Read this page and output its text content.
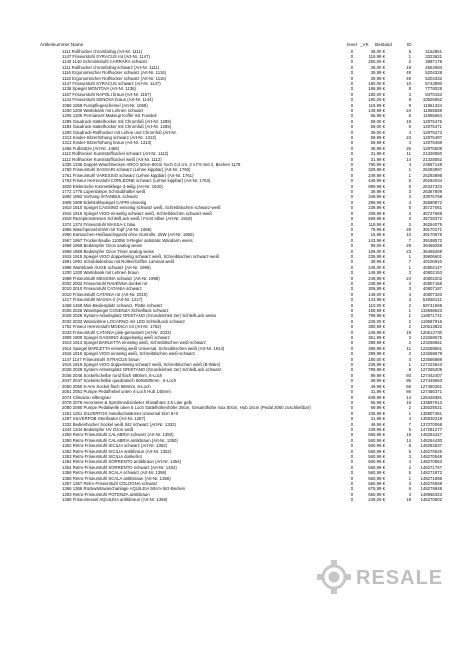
Artikelnummer Name	level _VK	Bestand	ID
1111 Rollhocker chromfarbig (Art-Nr. 1111)	0	39,00 €	5	3152861
1147 Friseurstuhl SYRACUS rot (Art-Nr. 1147)	0	119,99 €	1	3323621
1140 1140 Schminkstuhl CARRARA schwarz	0	250,00 €	2	3887179
1111 Rollhocker chromfarbig schwarz (Art-Nr. 1111)	0	39,00 €	19	4564593
1116 Ergonomischer Rollhocker schwarz (Art-Nr. 1116)	0	39,99 €	49	5204328
1116 Ergonomischer Rollhocker schwarz (Art-Nr. 1116)	0	39,99 €	49	5204332
1147 Friseurstuhl SYRACUS schwarz (Art-Nr. 1147)	0	180,00 €	10	5743890
1136 Spiegel MONTOVA (Art-Nr. 1136)	0	189,99 €	8	7778029
1167 Friseurstuhl NAPOLI braun (Art-Nr. 1167)	0	180,00 €	3	8370153
1144 Friseurstuhl GENOVA braun (Art-Nr. 1144)	0	180,00 €	9	10826952
1068 1068 Fusspflegeschemel (Art-Nr. 1068)	0	119,99 €	9	11961324
1200 1200 Wartebank mit Lehnen schwarz	0	149,99 €	24	11965558
1206 1206 Permanent Makeup Koffer mit Fussteil	0	66,99 €	5	11965564
1285 Gaudruck-Sattelhocker mit Chromfuß (Art-Nr. 1285)	0	59,00 €	19	12975476
1284 Gaudruck-Sattelhocker mit Chromfuß (Art-Nr. 1285)	0	59,00 €	5	12975471
1290 Gaudruck-Rollhocker mit Lehne und Chromfuß (Art-Nr.	0	39,00 €	4	12975473
1313 Kinder-Sitzerhöhung schwarz (Art-Nr. 1313)	0	59,99 €	23	12975487
1313 Kinder-Sitzerhöhung braun (Art-Nr. 1313)	0	59,99 €	4	12975488
1456 Fußstütze (Art-Nr. 1456)	0	38,99 €	26	12975508
1112 Rollhocker Kunststoffsockel schwarz (Art-Nr. 1112)	0	31,99 €	11	21328050
1112 Rollhocker Kunststoffsockel weiß (Art-Nr. 1112)	0	31,99 €	14	21328052
1335 1335 Doppel-Waschbecken ARCO 50cm-80cm hoch 0,3 cm, 2 x FS-Set 2, Becken 1178	0	790,99 €	4	23567148
1760 Friseurstuhl SASSARI schwarz (Lehne kippbar) (Art-Nr. 1760)	0	329,99 €	1	26293897
1761 Friseurstuhl VARESSIO schwarz (Lehne kippbar) (Art-Nr. 1761)	0	249,99 €	1	26293898
1763 Friseur Herrenstuhl CORLEONE schwarz (Lehne kippbar) (Art-Nr. 1763)	0	449,99 €	5	26294034
1820 Elektrische Kosmetikliege 3-teilig (Art-Nr. 1620)	0	999,99 €	5	26337323
1772 1775 Lupenlampe Schraubhalter weiß	0	39,99 €	3	26367809
1892 1892 Vorhang ISTANBUL schwarz	0	349,99 €	3	33975768
1908 1908 Edelstahlspiegel CAPRI einseitig	0	299,99 €	4	35580872
1910 1910 Spiegel CASSINO einseitig schwarz weiß, Schreibtischen schwarz-weiß	0	239,99 €	5	35727061
1916 1916 Spiegel VIGO einseitig schwarz weiß, Schreibtischen schwarz-weiß	0	339,99 €	3	35727669
1919 Rezeptionstresen SchleifLack weiß / Front silber (Art-Nr. 1919)	0	599,99 €	3	35728372
1374 1374 Friseurstuhl MASSA-1 blau	0	119,99 €	2	36264075
1956 Waschpinsel-ESW mit Topf (Art-Nr. 1956)	0	79,99 €	28	39170271
1960 Kartuschen-Heißwachsgerät ohne Gurtrolle, 25W (Art-Nr. 1960)	0	15,99 €	10	39170675
1967 1967 Trockenhaube 1100W 3-Regler antistatic Wandarm weiss	0	143,99 €	7	39198572
1968 1968 Bedampfer Ozon analog weiss	0	99,00 €	29	39469258
1969 1969 Bedampfer Ozon Timer analog weiss	0	109,00 €	23	39469259
1915 1915 Spiegel VIGO doppelseitig schwarz weiß, Schreibtischen schwarz-weiß	0	239,99 €	1	39906601
1991 1991 Schubladenbox mit Rollen/Griffen Laminat weiß	0	39,99 €	7	40100910
1996 Wartebank AUGE schwarz (Art-Nr. 1996)	0	249,00 €	1	40802147
1200 1200 Wartebank mit Lehnen braun	0	149,99 €	3	40802153
1998 Friseurstuhl MESSINA schwarz (Art-Nr. 1998)	0	249,99 €	24	40802202
2002 2002 Friseurstuhl RAVENNA dunkel rot	0	239,99 €	3	40807165
2010 2010 Friseurstuhl CATANIA schwarz	0	309,99 €	3	40807187
2010 Friseurstuhl CATANIA rot (Art-Nr. 2010)	0	149,00 €	4	40807320
1217 Friseurstuhl MASSA-2 (Art-Nr. 1217)	0	143,99 €	3	54938141
1468 1468 Mini-Bedienplatz schwarz, Platte schwarz	0	110,00 €	2	59741669
2025 2025 Wandspiegel COSENZA Schleiflack schwarz	0	159,99 €	1	119568623
2028 2028 System-Arbeitsplatz ORISTANO (Grundeinheit 2er) SchleifLack weiss	0	799,99 €	1	119571741
2032 2032 Wandvitrine LOCARNO mit LED SchleifLack schwarz	0	229,00 €	2	119587916
1762 Friseur Herrenstuhl MODICA rot (Art-Nr. 1762)	0	380,99 €	2	120613822
2033 Friseurstuhl CATANIA pink-gemustert (Art-Nr. 2033)	0	249,99 €	19	120613730
1909 1909 Spiegel GASSINO doppelseitig weiß schwarz	0	351,99 €	3	123258575
1913 1913 Spiegel BARLETTA einseitig weiß, Schreibtischen weiß-schwarz	0	399,99 €	2	123268651
1914 Spiegel BARLETTA einseitig weiß Universal, Schreibtischen weiß (Art-Nr. 1914)	0	399,99 €	11	123268661
1916 1916 Spiegel VIGO einseitig weiß, Schreibtischen weiß-schwarz	0	399,99 €	2	123268679
1147 1147 Friseurstuhl SYRACUS braun	0	180,00 €	4	123566888
1915 1915 Spiegel VIGO doppelseitig schwarz weiß, Schreibtischen weiß (B-Ware)	0	239,99 €	1	127223643
2028 2028 System-Arbeitsplatz ORISTANO (Grundeinheit 2er) SchleifLack schwarz	0	799,99 €	8	127265209
2046 2046 Sockelschelbe rund flach 580mm, 6-Loch	0	99,99 €	93	127442407
2047 2047 Sockelschelbe quadratisch 500x500mm , 6-Loch	0	39,99 €	95	127449663
2050 2050 5-Arm Sockel flach 650mm, 6-Loch	0	49,99 €	66	127450251
2051 2051 Pumpe Pedalhebel unten 4-Loch Hub 145mm	0	31,99 €	86	127455371
2074 Climazon silbergrau	0	849,99 €	14	128428381
2078 2078 Aerometer & Sprühmedizinleiter Shinalhare 3,5 Liter gelb	0	65,99 €	16	133697613
2080 2080 Pumpe Pedalwelle oben 6 Loch Sattelhöhenhöhe 28cm, Gesamthöhe max 50cm, Hub 16cm (Pedal 2060 zuschließbar)	0	69,99 €	2	135029021
1251 1251 SILVERFOX Handtuchwärmer Universal 5cm 8+0	0	105,99 €	1	135807381
1287 SILVERFOB Sterilisator (Art-Nr. 1287)	0	31,99 €	4	135930218
1332 Bedienhocker Sockel weiß Sitz schwarz (Art-Nr. 1332)	0	49,99 €	7	137070068
1344 1344 Bedampfer UV Ozon weiß	0	109,99 €	9	147281277
1350 Retro-Friseurstuhl CALABRIA schwarz (Art-Nr. 1350)	0	560,99 €	19	148264427
1350 Retro-Friseurstuhl CALABRIA antikbraun (Art-Nr. 1350)	0	560,99 €	14	148264430
1352 Retro-Friseurstuhl SICILIA schwarz (Art-Nr. 1352)	0	560,99 €	8	148264537
1352 Retro-Friseurstuhl SICILIA antikbraun (Art-Nr. 1352)	0	560,99 €	5	148270526
1353 Retro-Friseurstuhl SICILIA dunkelrot	0	560,99 €	3	148270548
1354 Retro-Friseurstuhl SORRENTO antikbraun (Art-Nr. 1354)	0	560,99 €	4	148270563
1354 Retro-Friseurstuhl SORRENTO schwarz (Art-Nr. 1354)	0	560,99 €	2	148271767
1356 Retro-Friseurstuhl SCALA schwarz (Art-Nr. 1356)	0	560,99 €	5	148271872
1356 Retro-Friseurstuhl SCALA antikbraun (Art-Nr. 1356)	0	560,99 €	1	148271898
1357 1357 Retro-Friseurstuhl COLOGNA schwarz	0	560,99 €	3	148276658
1366 1366 Rückwärtswaschanlage AQUILEIA 50cm-Sitz-Becken	0	679,99 €	6	148279948
1393 Retro-Friseurstuhl POTENZA antikbraun	0	560,99 €	4	148966323
1358 Friseursessel AQUILEIA antikbraun (Art-Nr. 1358)	0	249,00 €	18	148270802
RESALE
